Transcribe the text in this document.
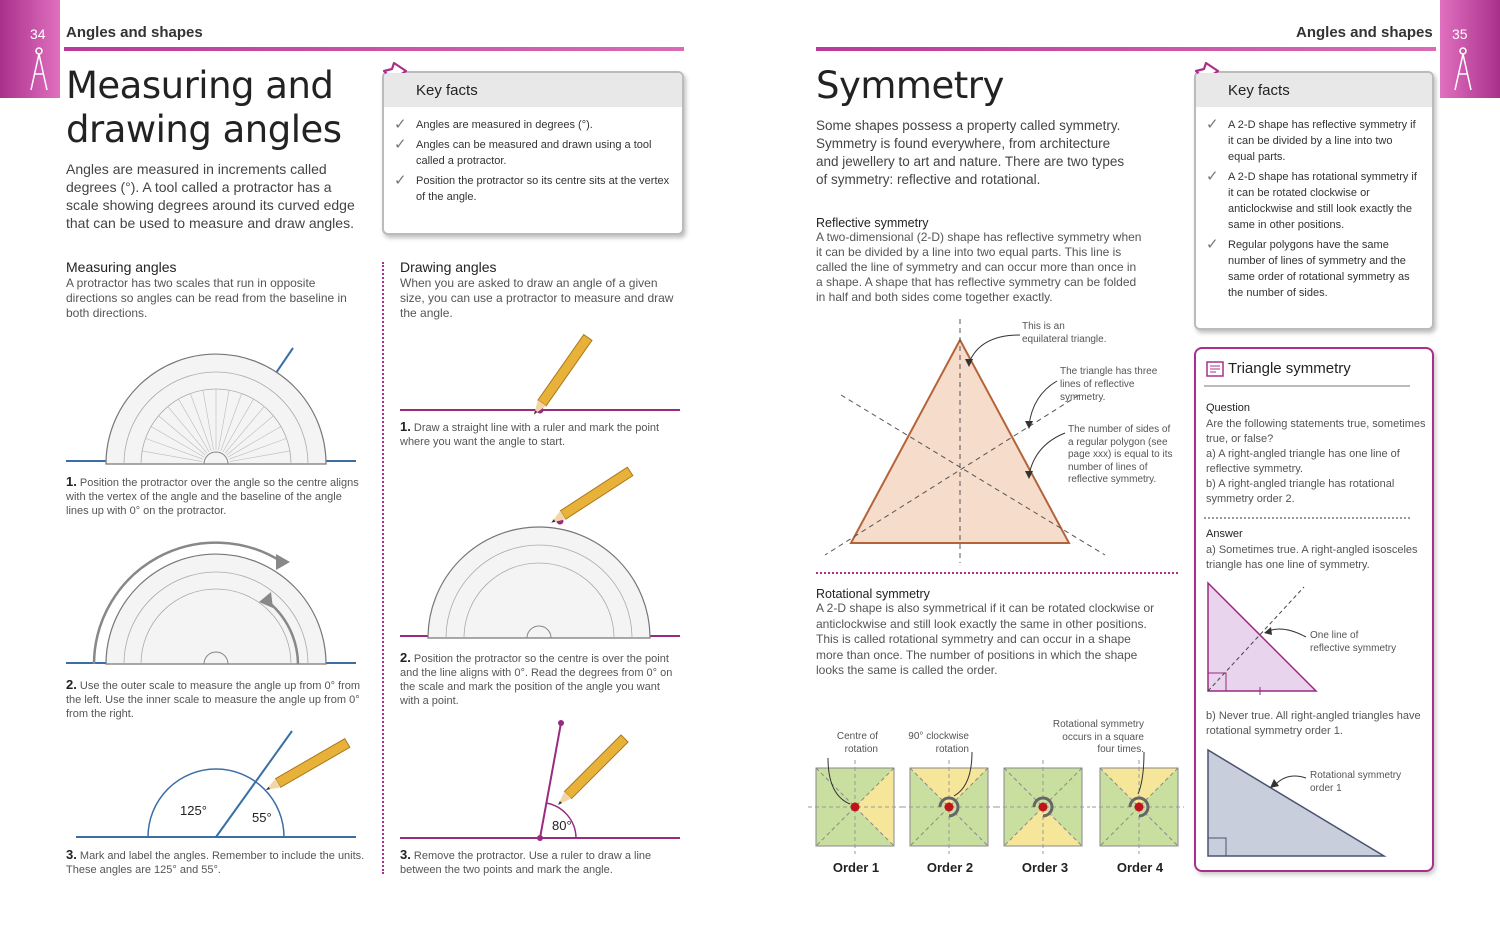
34 Angles and shapes
Measuring and
drawing angles

Angles are measured in increments called degrees (°). A tool called a protractor has a scale showing degrees around its curved edge that can be used to measure and draw angles.

Key facts
✓ Angles are measured in degrees (°).
✓ Angles can be measured and drawn using a tool called a protractor.
✓ Position the protractor so its centre sits at the vertex of the angle.
Measuring angles

A protractor has two scales that run in opposite directions so angles can be read from the baseline in both directions.

1. Position the protractor over the angle so the centre aligns with the vertex of the angle and the baseline of the angle lines up with 0° on the protractor.

2. Use the outer scale to measure the angle up from 0° from the left. Use the inner scale to measure the angle up from 0° from the right.

125°	55°

3. Mark and label the angles. Remember to include the units. These angles are 125° and 55°.

Drawing angles

When you are asked to draw an angle of a given size, you can use a protractor to measure and draw the angle.

1. Draw a straight line with a ruler and mark the point where you want the angle to start.

2. Position the protractor so the centre is over the point and the line aligns with 0°. Read the degrees from 0° on the scale and mark the position of the angle you want with a point.

80°

3. Remove the protractor. Use a ruler to draw a line between the two points and mark the angle.

35
Angles and shapes
Symmetry

Some shapes possess a property called symmetry. Symmetry is found everywhere, from architecture and jewellery to art and nature. There are two types of symmetry: reflective and rotational.

Reflective symmetry

A two-dimensional (2-D) shape has reflective symmetry when it can be divided by a line into two equal parts. This line is called the line of symmetry and can occur more than once in a shape. A shape that has reflective symmetry can be folded in half and both sides come together exactly.

This is an equilateral triangle.

The triangle has three lines of reflective symmetry.

The number of sides of a regular polygon (see page xxx) is equal to its number of lines of reflective symmetry.

Rotational symmetry

A 2-D shape is also symmetrical if it can be rotated clockwise or anticlockwise and still look exactly the same in other positions. This is called rotational symmetry and can occur in a shape more than once. The number of positions in which the shape looks the same is called the order.

Centre of rotation

90° clockwise rotation

Rotational symmetry occurs in a square four times.

Order 1	Order 2	Order 3	Order 4
Key facts
✓ A 2-D shape has reflective symmetry if it can be divided by a line into two equal parts.
✓ A 2-D shape has rotational symmetry if it can be rotated clockwise or anticlockwise and still look exactly the same in other positions.
✓ Regular polygons have the same number of lines of symmetry and the same order of rotational symmetry as the number of sides.
Triangle symmetry
Question

Are the following statements true, sometimes true, or false?
a) A right-angled triangle has one line of reflective symmetry.
b) A right-angled triangle has rotational symmetry order 2.

Answer

a) Sometimes true. A right-angled isosceles triangle has one line of symmetry.

One line of reflective symmetry

b) Never true. All right-angled triangles have rotational symmetry order 1.

Rotational symmetry order 1
